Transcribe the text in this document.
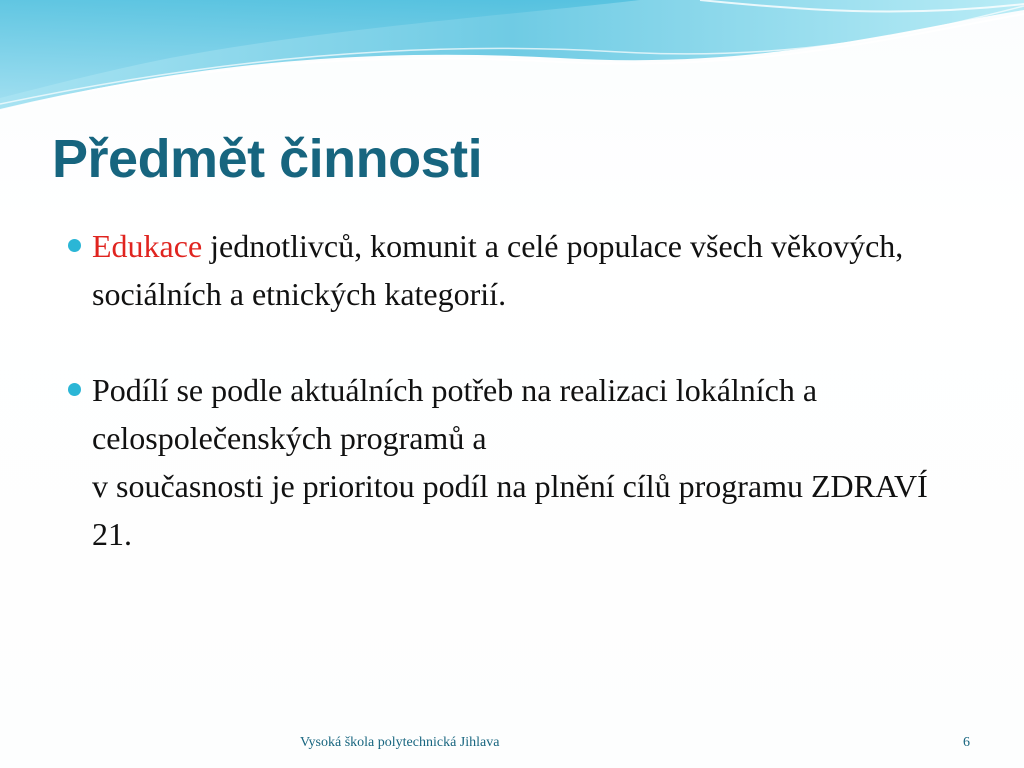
Předmět činnosti
Edukace jednotlivců, komunit a celé populace všech věkových, sociálních a etnických kategorií.
Podílí se podle aktuálních potřeb na realizaci lokálních a celospolečenských programů a
v současnosti je prioritou podíl na plnění cílů programu ZDRAVÍ 21.
Vysoká škola polytechnická Jihlava	6
